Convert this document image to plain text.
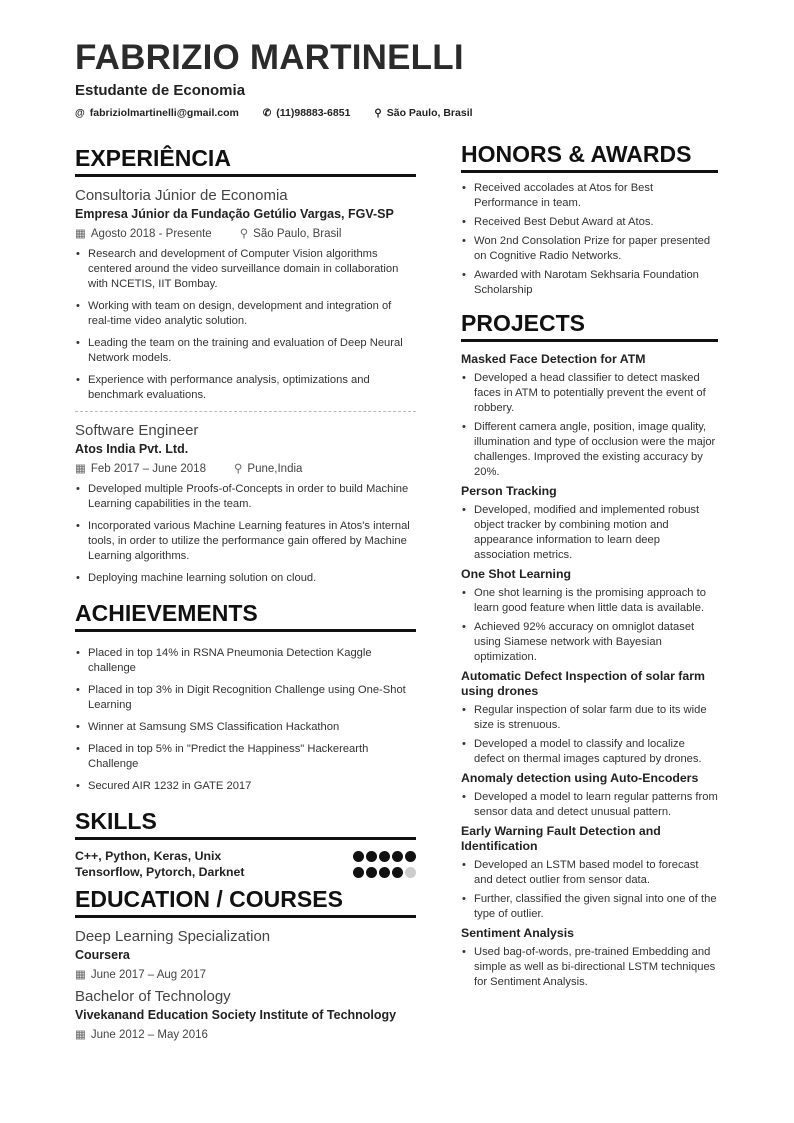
FABRIZIO MARTINELLI
Estudante de Economia
@ fabriziolmartinelli@gmail.com ✆ (11)98883-6851 ⚲ São Paulo, Brasil
EXPERIÊNCIA
Consultoria Júnior de Economia
Empresa Júnior da Fundação Getúlio Vargas, FGV-SP
▦ Agosto 2018 - Presente ⚲ São Paulo, Brasil
• Research and development of Computer Vision algorithms centered around the video surveillance domain in collaboration with NCETIS, IIT Bombay.
• Working with team on design, development and integration of real-time video analytic solution.
• Leading the team on the training and evaluation of Deep Neural Network models.
• Experience with performance analysis, optimizations and benchmark evaluations.
Software Engineer
Atos India Pvt. Ltd.
▦ Feb 2017 – June 2018 ⚲ Pune,India
• Developed multiple Proofs-of-Concepts in order to build Machine Learning capabilities in the team.
• Incorporated various Machine Learning features in Atos's internal tools, in order to utilize the performance gain offered by Machine Learning algorithms.
• Deploying machine learning solution on cloud.
ACHIEVEMENTS
• Placed in top 14% in RSNA Pneumonia Detection Kaggle challenge
• Placed in top 3% in Digit Recognition Challenge using One-Shot Learning
• Winner at Samsung SMS Classification Hackathon
• Placed in top 5% in "Predict the Happiness" Hackerearth Challenge
• Secured AIR 1232 in GATE 2017
SKILLS
C++, Python, Keras, Unix
Tensorflow, Pytorch, Darknet
EDUCATION / COURSES
Deep Learning Specialization
Coursera
▦ June 2017 – Aug 2017
Bachelor of Technology
Vivekanand Education Society Institute of Technology
▦ June 2012 – May 2016
HONORS & AWARDS
• Received accolades at Atos for Best Performance in team.
• Received Best Debut Award at Atos.
• Won 2nd Consolation Prize for paper presented on Cognitive Radio Networks.
• Awarded with Narotam Sekhsaria Foundation Scholarship
PROJECTS
Masked Face Detection for ATM
• Developed a head classifier to detect masked faces in ATM to potentially prevent the event of robbery.
• Different camera angle, position, image quality, illumination and type of occlusion were the major challenges. Improved the existing accuracy by 20%.
Person Tracking
• Developed, modified and implemented robust object tracker by combining motion and appearance information to learn deep association metrics.
One Shot Learning
• One shot learning is the promising approach to learn good feature when little data is available.
• Achieved 92% accuracy on omniglot dataset using Siamese network with Bayesian optimization.
Automatic Defect Inspection of solar farm using drones
• Regular inspection of solar farm due to its wide size is strenuous.
• Developed a model to classify and localize defect on thermal images captured by drones.
Anomaly detection using Auto-Encoders
• Developed a model to learn regular patterns from sensor data and detect unusual pattern.
Early Warning Fault Detection and Identification
• Developed an LSTM based model to forecast and detect outlier from sensor data.
• Further, classified the given signal into one of the type of outlier.
Sentiment Analysis
• Used bag-of-words, pre-trained Embedding and simple as well as bi-directional LSTM techniques for Sentiment Analysis.
